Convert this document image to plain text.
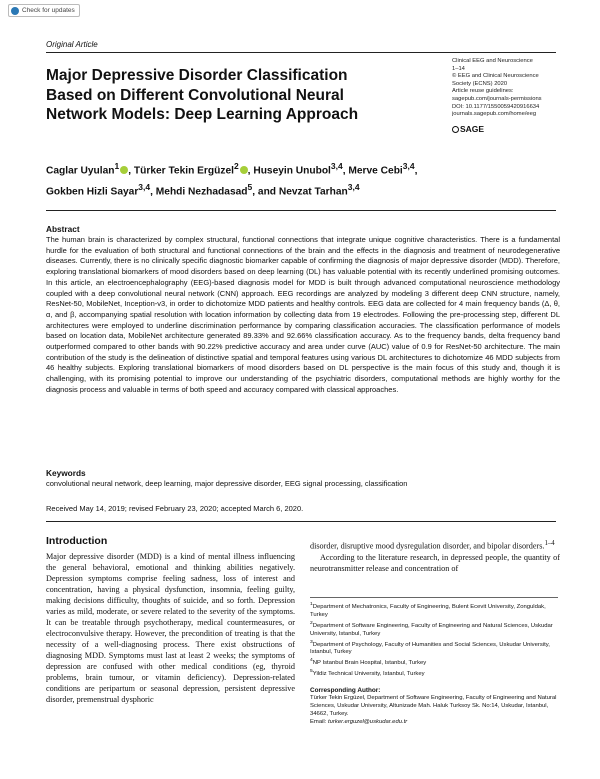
Check for updates
Original Article
Major Depressive Disorder Classification Based on Different Convolutional Neural Network Models: Deep Learning Approach
Clinical EEG and Neuroscience
1–14
© EEG and Clinical Neuroscience
Society (ECNS) 2020
Article reuse guidelines:
sagepub.com/journals-permissions
DOI: 10.1177/1550059420916634
journals.sagepub.com/home/eeg
SAGE
Caglar Uyulan$^1$ , Türker Tekin Ergüzel$^2$ , Huseyin Unubol$^{3,4}$, Merve Cebi$^{3,4}$,
Gokben Hizli Sayar$^{3,4}$, Mehdi Nezhadasad$^5$, and Nevzat Tarhan$^{3,4}$
Abstract

The human brain is characterized by complex structural, functional connections that integrate unique cognitive characteristics. There is a fundamental hurdle for the evaluation of both structural and functional connections of the brain and the effects in the diagnosis and treatment of neurodegenerative diseases. Currently, there is no clinically specific diagnostic biomarker capable of confirming the diagnosis of major depressive disorder (MDD). Therefore, exploring translational biomarkers of mood disorders based on deep learning (DL) has valuable potential with its recently underlined promising outcomes. In this article, an electroencephalography (EEG)-based diagnosis model for MDD is built through advanced computational neuroscience methodology coupled with a deep convolutional neural network (CNN) approach. EEG recordings are analyzed by modeling 3 different deep CNN structure, namely, ResNet-50, MobileNet, Inception-v3, in order to dichotomize MDD patients and healthy controls. EEG data are collected for 4 main frequency bands (Δ, θ, α, and β, accompanying spatial resolution with location information by collecting data from 19 electrodes. Following the pre-processing step, different DL architectures were employed to underline discrimination performance by comparing classification accuracies. The classification performance of models based on location data, MobileNet architecture generated 89.33% and 92.66% classification accuracy. As to the frequency bands, delta frequency band outperformed compared to other bands with 90.22% predictive accuracy and area under curve (AUC) value of 0.9 for ResNet-50 architecture. The main contribution of the study is the delineation of distinctive spatial and temporal features using various DL architectures to dichotomize 46 MDD subjects from 46 healthy subjects. Exploring translational biomarkers of mood disorders based on DL perspective is the main focus of this study and, though it is challenging, with its promising potential to improve our understanding of the psychiatric disorders, computational methods are highly worthy for the diagnosis process and valuable in terms of both speed and accuracy compared with classical approaches.

Keywords

convolutional neural network, deep learning, major depressive disorder, EEG signal processing, classification

Received May 14, 2019; revised February 23, 2020; accepted March 6, 2020.
Introduction

Major depressive disorder (MDD) is a kind of mental illness influencing the general behavioral, emotional and thinking abilities negatively. Depression symptoms comprise feeling sadness, loss of interest and concentration, having a physical dysfunction, insomnia, feeling guilty, making decisions difficulty, thoughts of suicide, and so forth. Depression varies as mild, moderate, or severe related to the severity of the symptoms. It can be treatable through psychotherapy, medical countermeasures, or electroconvulsive therapy. However, the precondition of treating is that the necessity of a well-diagnosing process. There exist obstructions of diagnosing MDD. Symptoms must last at least 2 weeks; the symptoms of depression are confused with other medical conditions (eg, thyroid problems, brain tumour, or vitamin deficiency). Depression-related conditions are peripartum or seasonal depression, persistent depressive disorder, premenstrual dysphoric

disorder, disruptive mood dysregulation disorder, and bipolar disorders.$^{1-4}$

According to the literature research, in depressed people, the quantity of neurotransmitter release and concentration of

$^1$Department of Mechatronics, Faculty of Engineering, Bulent Ecevit University, Zonguldak, Turkey
$^2$Department of Software Engineering, Faculty of Engineering and Natural Sciences, Uskudar University, Istanbul, Turkey
$^3$Department of Psychology, Faculty of Humanities and Social Sciences, Uskudar University, Istanbul, Turkey
$^4$NP Istanbul Brain Hospital, Istanbul, Turkey
$^5$Yildiz Technical University, Istanbul, Turkey
Corresponding Author:
Türker Tekin Ergüzel, Department of Software Engineering, Faculty of Engineering and Natural Sciences, Uskudar University, Altunizade Mah. Haluk Turksoy Sk. No:14, Uskudar, Istanbul, 34662, Turkey.
Email: turker.erguzel@uskudar.edu.tr
